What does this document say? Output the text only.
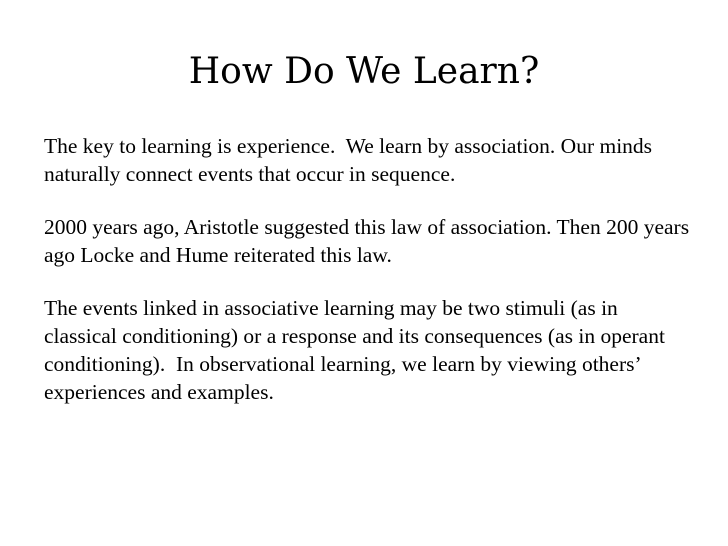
How Do We Learn?

The key to learning is experience.  We learn by association. Our minds naturally connect events that occur in sequence.

2000 years ago, Aristotle suggested this law of association. Then 200 years ago Locke and Hume reiterated this law.

The events linked in associative learning may be two stimuli (as in classical conditioning) or a response and its consequences (as in operant conditioning).  In observational learning, we learn by viewing others’ experiences and examples.
